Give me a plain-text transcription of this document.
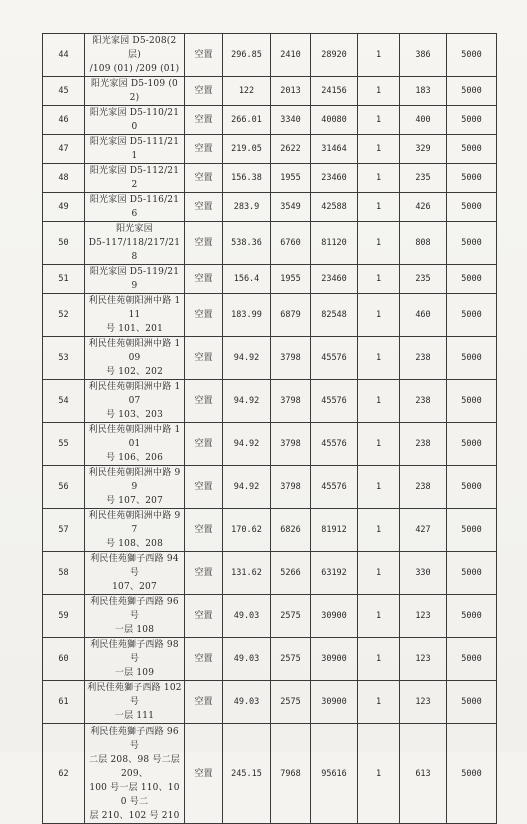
44	阳光家园 D5-208(2 层)
/109 (01) /209 (01)	空置	296.85	2410	28920	1	386	5000
45	阳光家园 D5-109 (02)	空置	122	2013	24156	1	183	5000
46	阳光家园 D5-110/210	空置	266.01	3340	40080	1	400	5000
47	阳光家园 D5-111/211	空置	219.05	2622	31464	1	329	5000
48	阳光家园 D5-112/212	空置	156.38	1955	23460	1	235	5000
49	阳光家园 D5-116/216	空置	283.9	3549	42588	1	426	5000
50	阳光家园
D5-117/118/217/218	空置	538.36	6760	81120	1	808	5000
51	阳光家园 D5-119/219	空置	156.4	1955	23460	1	235	5000
52	利民佳苑朝阳洲中路 111
号 101、201	空置	183.99	6879	82548	1	460	5000
53	利民佳苑朝阳洲中路 109
号 102、202	空置	94.92	3798	45576	1	238	5000
54	利民佳苑朝阳洲中路 107
号 103、203	空置	94.92	3798	45576	1	238	5000
55	利民佳苑朝阳洲中路 101
号 106、206	空置	94.92	3798	45576	1	238	5000
56	利民佳苑朝阳洲中路 99
号 107、207	空置	94.92	3798	45576	1	238	5000
57	利民佳苑朝阳洲中路 97
号 108、208	空置	170.62	6826	81912	1	427	5000
58	利民佳苑獅子西路 94 号
107、207	空置	131.62	5266	63192	1	330	5000
59	利民佳苑獅子西路 96 号
一层 108	空置	49.03	2575	30900	1	123	5000
60	利民佳苑獅子西路 98 号
一层 109	空置	49.03	2575	30900	1	123	5000
61	利民佳苑獅子西路 102 号
一层 111	空置	49.03	2575	30900	1	123	5000
62	利民佳苑獅子西路 96 号
二层 208、98 号二层 209、
100 号一层 110、100 号二
层 210、102 号 210	空置	245.15	7968	95616	1	613	5000
